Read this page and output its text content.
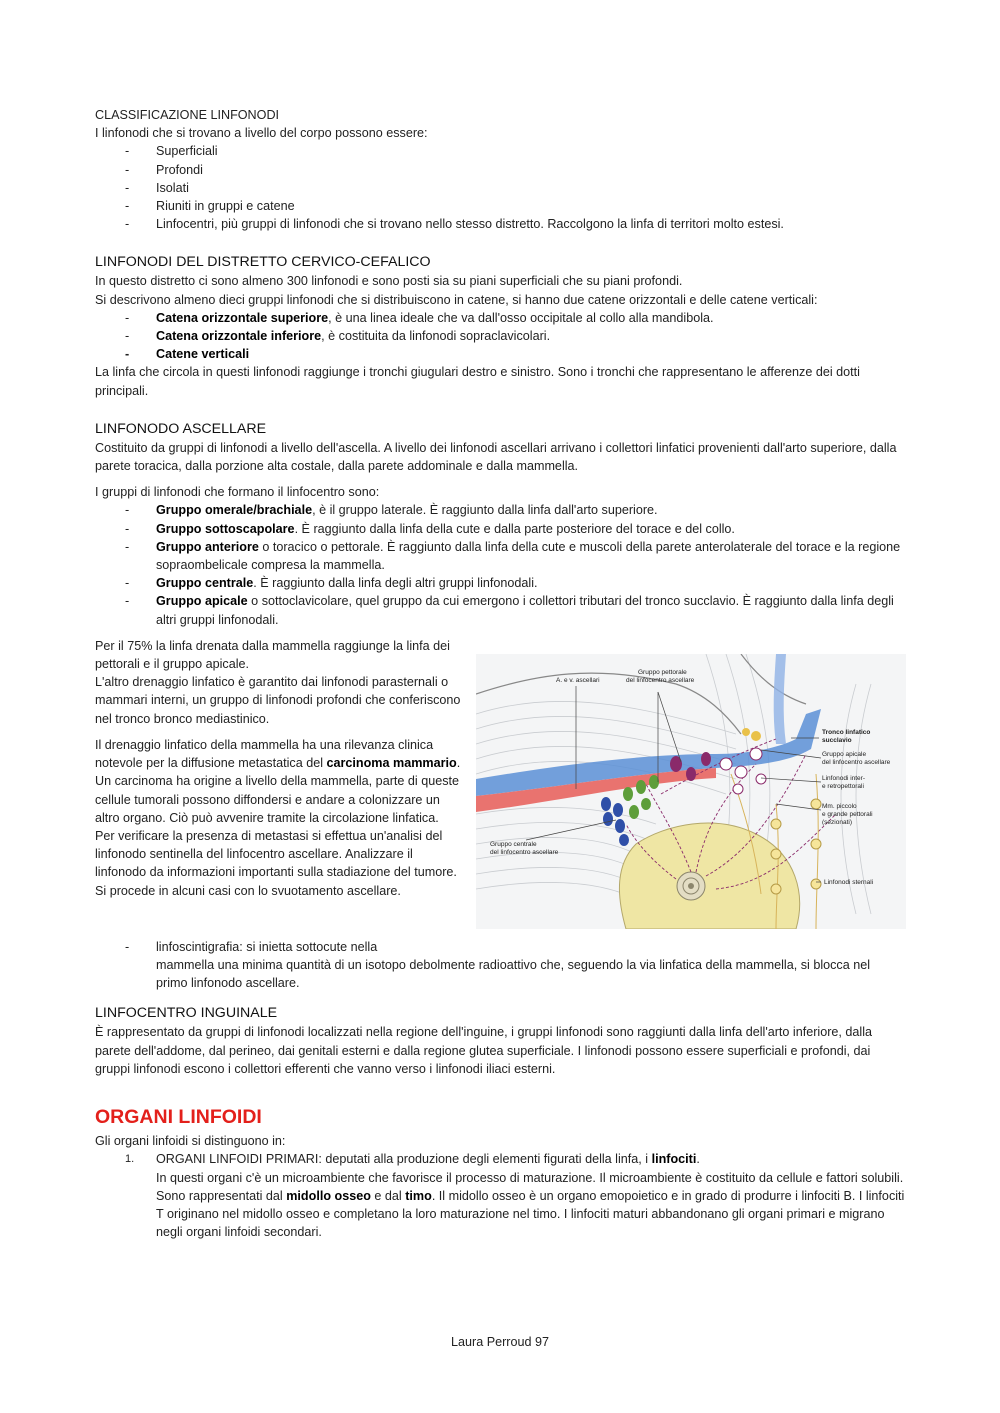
CLASSIFICAZIONE LINFONODI

I linfonodi che si trovano a livello del corpo possono essere:

- Superficiali
- Profondi
- Isolati
- Riuniti in gruppi e catene
- Linfocentri, più gruppi di linfonodi che si trovano nello stesso distretto. Raccolgono la linfa di territori molto estesi.

LINFONODI DEL DISTRETTO CERVICO-CEFALICO

In questo distretto ci sono almeno 300 linfonodi e sono posti sia su piani superficiali che su piani profondi.

Si descrivono almeno dieci gruppi linfonodi che si distribuiscono in catene, si hanno due catene orizzontali e delle catene verticali:

- Catena orizzontale superiore, è una linea ideale che va dall'osso occipitale al collo alla mandibola.
- Catena orizzontale inferiore, è costituita da linfonodi sopraclavicolari.
- Catene verticali

La linfa che circola in questi linfonodi raggiunge i tronchi giugulari destro e sinistro. Sono i tronchi che rappresentano le afferenze dei dotti principali.

LINFONODO ASCELLARE

Costituito da gruppi di linfonodi a livello dell'ascella. A livello dei linfonodi ascellari arrivano i collettori linfatici provenienti dall'arto superiore, dalla parete toracica, dalla porzione alta costale, dalla parete addominale e dalla mammella.

I gruppi di linfonodi che formano il linfocentro sono:

- Gruppo omerale/brachiale, è il gruppo laterale. È raggiunto dalla linfa dall'arto superiore.
- Gruppo sottoscapolare. È raggiunto dalla linfa della cute e dalla parte posteriore del torace e del collo.
- Gruppo anteriore o toracico o pettorale. È raggiunto dalla linfa della cute e muscoli della parete anterolaterale del torace e la regione sopraombelicale compresa la mammella.
- Gruppo centrale. È raggiunto dalla linfa degli altri gruppi linfonodali.
- Gruppo apicale o sottoclavicolare, quel gruppo da cui emergono i collettori tributari del tronco succlavio. È raggiunto dalla linfa degli altri gruppi linfonodali.

Per il 75% la linfa drenata dalla mammella raggiunge la linfa dei pettorali e il gruppo apicale.

L'altro drenaggio linfatico è garantito dai linfonodi parasternali o mammari interni, un gruppo di linfonodi profondi che conferiscono nel tronco bronco mediastinico.

Il drenaggio linfatico della mammella ha una rilevanza clinica notevole per la diffusione metastatica del carcinoma mammario. Un carcinoma ha origine a livello della mammella, parte di queste cellule tumorali possono diffondersi e andare a colonizzare un altro organo. Ciò può avvenire tramite la circolazione linfatica.

Per verificare la presenza di metastasi si effettua un'analisi del linfonodo sentinella del linfocentro ascellare. Analizzare il linfonodo da informazioni importanti sulla stadiazione del tumore. Si procede in alcuni casi con lo svuotamento ascellare.

A. e v. ascellari
Gruppo pettorale
del linfocentro ascellare
Tronco linfatico
succlavio
Gruppo apicale
del linfocentro ascellare
Linfonodi inter-
e retropettorali
Mm. piccolo
e grande pettorali
(sezionati)
Linfonodi sternali
Gruppo centrale
del linfocentro ascellare
- linfoscintigrafia: si inietta sottocute nella
mammella una minima quantità di un isotopo debolmente radioattivo che, seguendo la via linfatica della mammella, si blocca nel primo linfonodo ascellare.

LINFOCENTRO INGUINALE

È rappresentato da gruppi di linfonodi localizzati nella regione dell'inguine, i gruppi linfonodi sono raggiunti dalla linfa dell'arto inferiore, dalla parete dell'addome, dal perineo, dai genitali esterni e dalla regione glutea superficiale. I linfonodi possono essere superficiali e profondi, dai gruppi linfonodi escono i collettori efferenti che vanno verso i linfonodi iliaci esterni.

ORGANI LINFOIDI

Gli organi linfoidi si distinguono in:

1. ORGANI LINFOIDI PRIMARI: deputati alla produzione degli elementi figurati della linfa, i linfociti.
In questi organi c'è un microambiente che favorisce il processo di maturazione. Il microambiente è costituito da cellule e fattori solubili.
Sono rappresentati dal midollo osseo e dal timo. Il midollo osseo è un organo emopoietico e in grado di produrre i linfociti B. I linfociti T originano nel midollo osseo e completano la loro maturazione nel timo. I linfociti maturi abbandonano gli organi primari e migrano negli organi linfoidi secondari.
Laura Perroud 97
